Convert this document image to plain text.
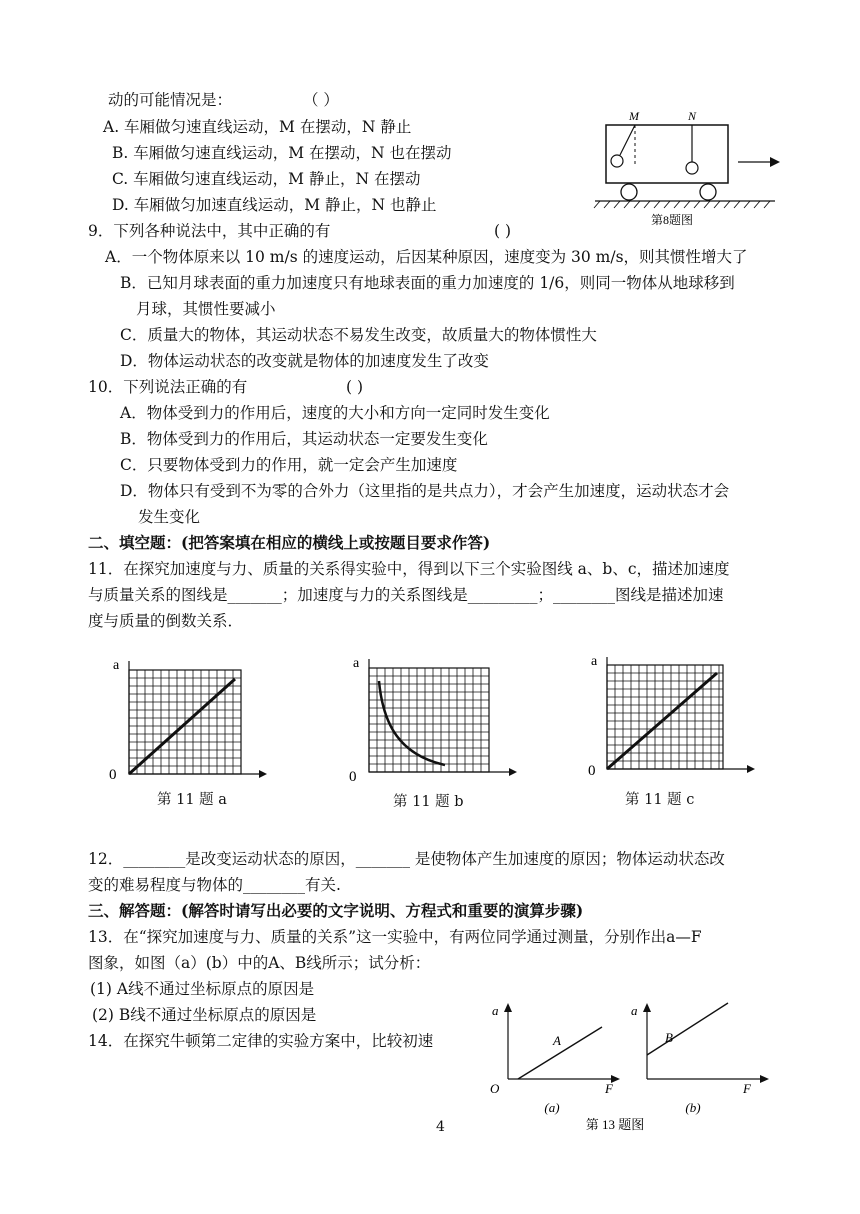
动的可能情况是：	（ ）
A. 车厢做匀速直线运动，M 在摆动，N 静止
B. 车厢做匀速直线运动，M 在摆动，N 也在摆动
C. 车厢做匀速直线运动，M 静止，N 在摆动
D. 车厢做匀加速直线运动，M 静止，N 也静止
M	N
第8题图
9．下列各种说法中，其中正确的有	( )
A．一个物体原来以 10 m/s 的速度运动，后因某种原因，速度变为 30 m/s，则其惯性增大了
B．已知月球表面的重力加速度只有地球表面的重力加速度的 1/6，则同一物体从地球移到
月球，其惯性要减小
C．质量大的物体，其运动状态不易发生改变，故质量大的物体惯性大
D．物体运动状态的改变就是物体的加速度发生了改变
10．下列说法正确的有	( )
A．物体受到力的作用后，速度的大小和方向一定同时发生变化
B．物体受到力的作用后，其运动状态一定要发生变化
C．只要物体受到力的作用，就一定会产生加速度
D．物体只有受到不为零的合外力（这里指的是共点力），才会产生加速度，运动状态才会
发生变化
二、填空题：(把答案填在相应的横线上或按题目要求作答)
11．在探究加速度与力、质量的关系得实验中，得到以下三个实验图线 a、b、c，描述加速度
与质量关系的图线是_______；加速度与力的关系图线是_________；________图线是描述加速
度与质量的倒数关系．
a
0
a
0
a
0
第 11 题 a	第 11 题 b	第 11 题 c
12．________是改变运动状态的原因，_______ 是使物体产生加速度的原因；物体运动状态改
变的难易程度与物体的________有关.
三、解答题：(解答时请写出必要的文字说明、方程式和重要的演算步骤)
13．在“探究加速度与力、质量的关系”这一实验中，有两位同学通过测量，分别作出a—F
图象，如图（a）(b）中的A、B线所示；试分析：
(1) A线不通过坐标原点的原因是
(2) B线不通过坐标原点的原因是
14．在探究牛顿第二定律的实验方案中，比较初速
a
O	F
A
(a)
a
B
F
(b)
第 13 题图
4
